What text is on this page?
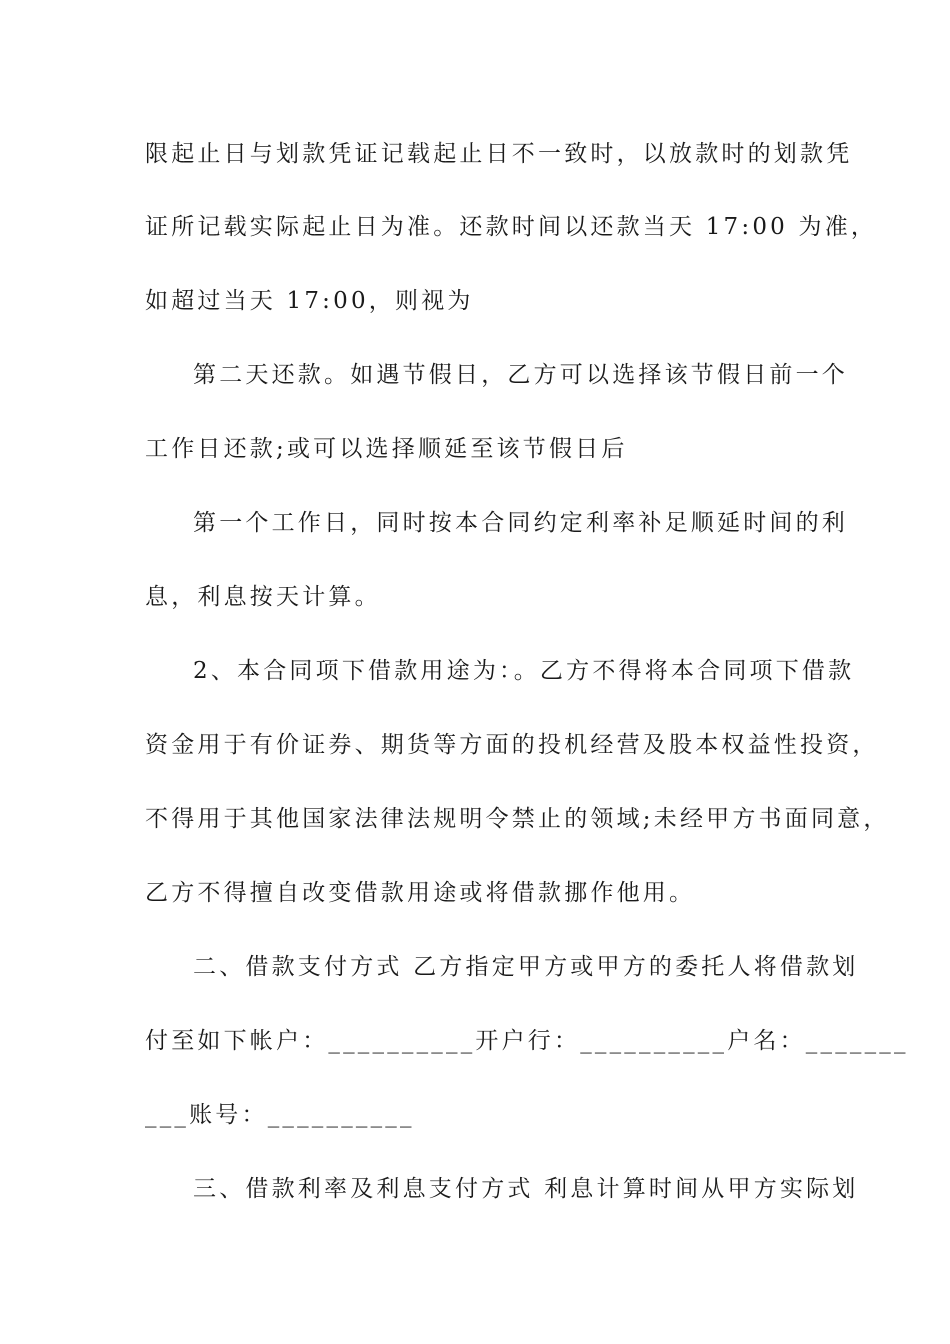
限起止日与划款凭证记载起止日不一致时，以放款时的划款凭
证所记载实际起止日为准。还款时间以还款当天 17:00 为准，
如超过当天 17:00，则视为
第二天还款。如遇节假日，乙方可以选择该节假日前一个
工作日还款;或可以选择顺延至该节假日后
第一个工作日，同时按本合同约定利率补足顺延时间的利
息，利息按天计算。
2、本合同项下借款用途为：。乙方不得将本合同项下借款
资金用于有价证券、期货等方面的投机经营及股本权益性投资，
不得用于其他国家法律法规明令禁止的领域;未经甲方书面同意，
乙方不得擅自改变借款用途或将借款挪作他用。
二、借款支付方式 乙方指定甲方或甲方的委托人将借款划
付至如下帐户：__________开户行：__________户名：_______
___账号：__________
三、借款利率及利息支付方式 利息计算时间从甲方实际划
